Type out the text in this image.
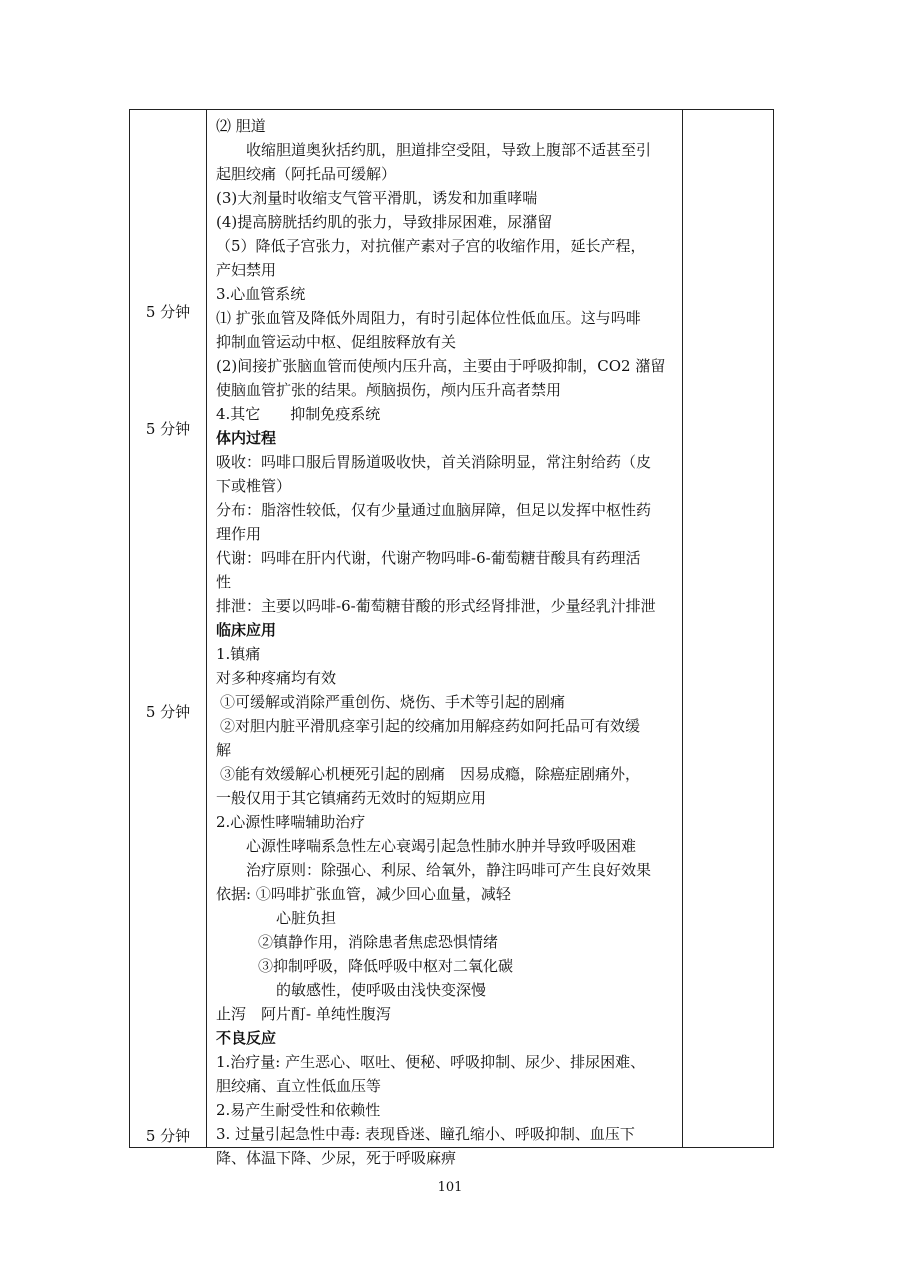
5 分钟
5 分钟
5 分钟
5 分钟
⑵ 胆道
收缩胆道奥狄括约肌，胆道排空受阻，导致上腹部不适甚至引
起胆绞痛（阿托品可缓解）
(3)大剂量时收缩支气管平滑肌，诱发和加重哮喘
(4)提高膀胱括约肌的张力，导致排尿困难，尿潴留
（5）降低子宫张力，对抗催产素对子宫的收缩作用，延长产程，
产妇禁用
3.心血管系统
⑴ 扩张血管及降低外周阻力，有时引起体位性低血压。这与吗啡
抑制血管运动中枢、促组胺释放有关
(2)间接扩张脑血管而使颅内压升高，主要由于呼吸抑制，CO2 潴留
使脑血管扩张的结果。颅脑损伤，颅内压升高者禁用
4.其它　　抑制免疫系统
体内过程
吸收：吗啡口服后胃肠道吸收快，首关消除明显，常注射给药（皮
下或椎管）
分布：脂溶性较低，仅有少量通过血脑屏障，但足以发挥中枢性药
理作用
代谢：吗啡在肝内代谢，代谢产物吗啡-6-葡萄糖苷酸具有药理活
性
排泄：主要以吗啡-6-葡萄糖苷酸的形式经肾排泄，少量经乳汁排泄
临床应用
1.镇痛
对多种疼痛均有效
①可缓解或消除严重创伤、烧伤、手术等引起的剧痛
②对胆内脏平滑肌痉挛引起的绞痛加用解痉药如阿托品可有效缓
解
③能有效缓解心机梗死引起的剧痛　因易成瘾，除癌症剧痛外，
一般仅用于其它镇痛药无效时的短期应用
2.心源性哮喘辅助治疗
心源性哮喘系急性左心衰竭引起急性肺水肿并导致呼吸困难
治疗原则：除强心、利尿、给氧外，静注吗啡可产生良好效果
依据: ①吗啡扩张血管，减少回心血量，减轻
心脏负担
②镇静作用，消除患者焦虑恐惧情绪
③抑制呼吸，降低呼吸中枢对二氧化碳
的敏感性，使呼吸由浅快变深慢
止泻　阿片酊- 单纯性腹泻
不良反应
1.治疗量: 产生恶心、呕吐、便秘、呼吸抑制、尿少、排尿困难、
胆绞痛、直立性低血压等
2.易产生耐受性和依赖性
3. 过量引起急性中毒: 表现昏迷、瞳孔缩小、呼吸抑制、血压下
降、体温下降、少尿，死于呼吸麻痹
101
